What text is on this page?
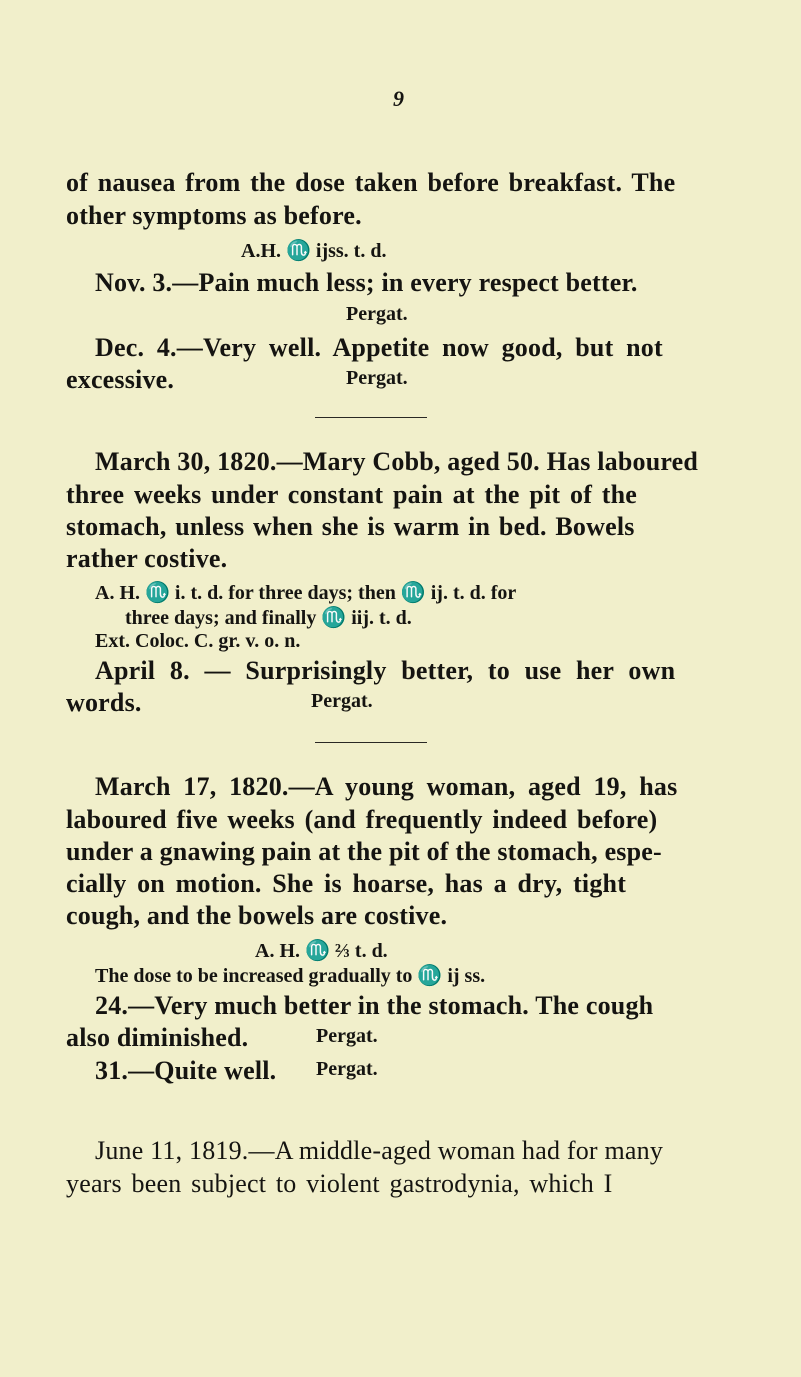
9
of nausea from the dose taken before breakfast. The
other symptoms as before.
A.H. ♏ ijss. t. d.
Nov. 3.—Pain much less; in every respect better.
Pergat.
Dec. 4.—Very well. Appetite now good, but not
excessive.	Pergat.
March 30, 1820.—Mary Cobb, aged 50. Has laboured
three weeks under constant pain at the pit of the
stomach, unless when she is warm in bed. Bowels
rather costive.
A. H. ♏ i. t. d. for three days; then ♏ ij. t. d. for
three days; and finally ♏ iij. t. d.
Ext. Coloc. C. gr. v. o. n.
April 8. — Surprisingly better, to use her own
words.	Pergat.
March 17, 1820.—A young woman, aged 19, has
laboured five weeks (and frequently indeed before)
under a gnawing pain at the pit of the stomach, espe-
cially on motion. She is hoarse, has a dry, tight
cough, and the bowels are costive.
A. H. ♏ ⅔ t. d.
The dose to be increased gradually to ♏ ij ss.
24.—Very much better in the stomach. The cough
also diminished.	Pergat.
31.—Quite well. Pergat.
June 11, 1819.—A middle-aged woman had for many
years been subject to violent gastrodynia, which I
